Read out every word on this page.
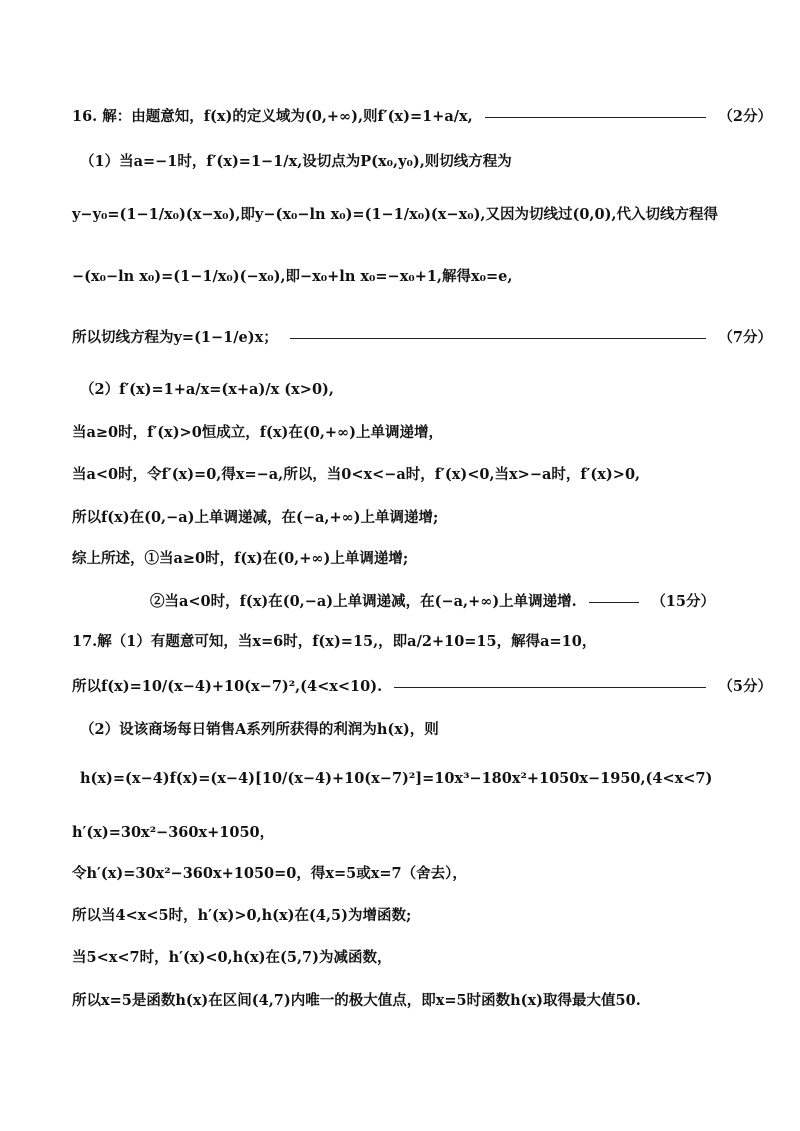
16. 解：由题意知，f(x)的定义域为(0,+∞),则f′(x)=1+a/x,	（2分）
（1）当a=−1时，f′(x)=1−1/x,设切点为P(x₀,y₀),则切线方程为
y−y₀=(1−1/x₀)(x−x₀),即y−(x₀−ln x₀)=(1−1/x₀)(x−x₀),又因为切线过(0,0),代入切线方程得
−(x₀−ln x₀)=(1−1/x₀)(−x₀),即−x₀+ln x₀=−x₀+1,解得x₀=e,
所以切线方程为y=(1−1/e)x；	（7分）
（2）f′(x)=1+a/x=(x+a)/x (x>0),
当a≥0时，f′(x)>0恒成立，f(x)在(0,+∞)上单调递增，
当a<0时，令f′(x)=0,得x=−a,所以，当0<x<−a时，f′(x)<0,当x>−a时，f′(x)>0,
所以f(x)在(0,−a)上单调递减，在(−a,+∞)上单调递增;
综上所述，①当a≥0时，f(x)在(0,+∞)上单调递增;
②当a<0时，f(x)在(0,−a)上单调递减，在(−a,+∞)上单调递增.	（15分）
17.解（1）有题意可知，当x=6时，f(x)=15,，即a/2+10=15，解得a=10，
所以f(x)=10/(x−4)+10(x−7)²,(4<x<10).	（5分）
（2）设该商场每日销售A系列所获得的利润为h(x)，则
h(x)=(x−4)f(x)=(x−4)[10/(x−4)+10(x−7)²]=10x³−180x²+1050x−1950,(4<x<7)
h′(x)=30x²−360x+1050，
令h′(x)=30x²−360x+1050=0，得x=5或x=7（舍去），
所以当4<x<5时，h′(x)>0,h(x)在(4,5)为增函数;
当5<x<7时，h′(x)<0,h(x)在(5,7)为减函数，
所以x=5是函数h(x)在区间(4,7)内唯一的极大值点，即x=5时函数h(x)取得最大值50.
